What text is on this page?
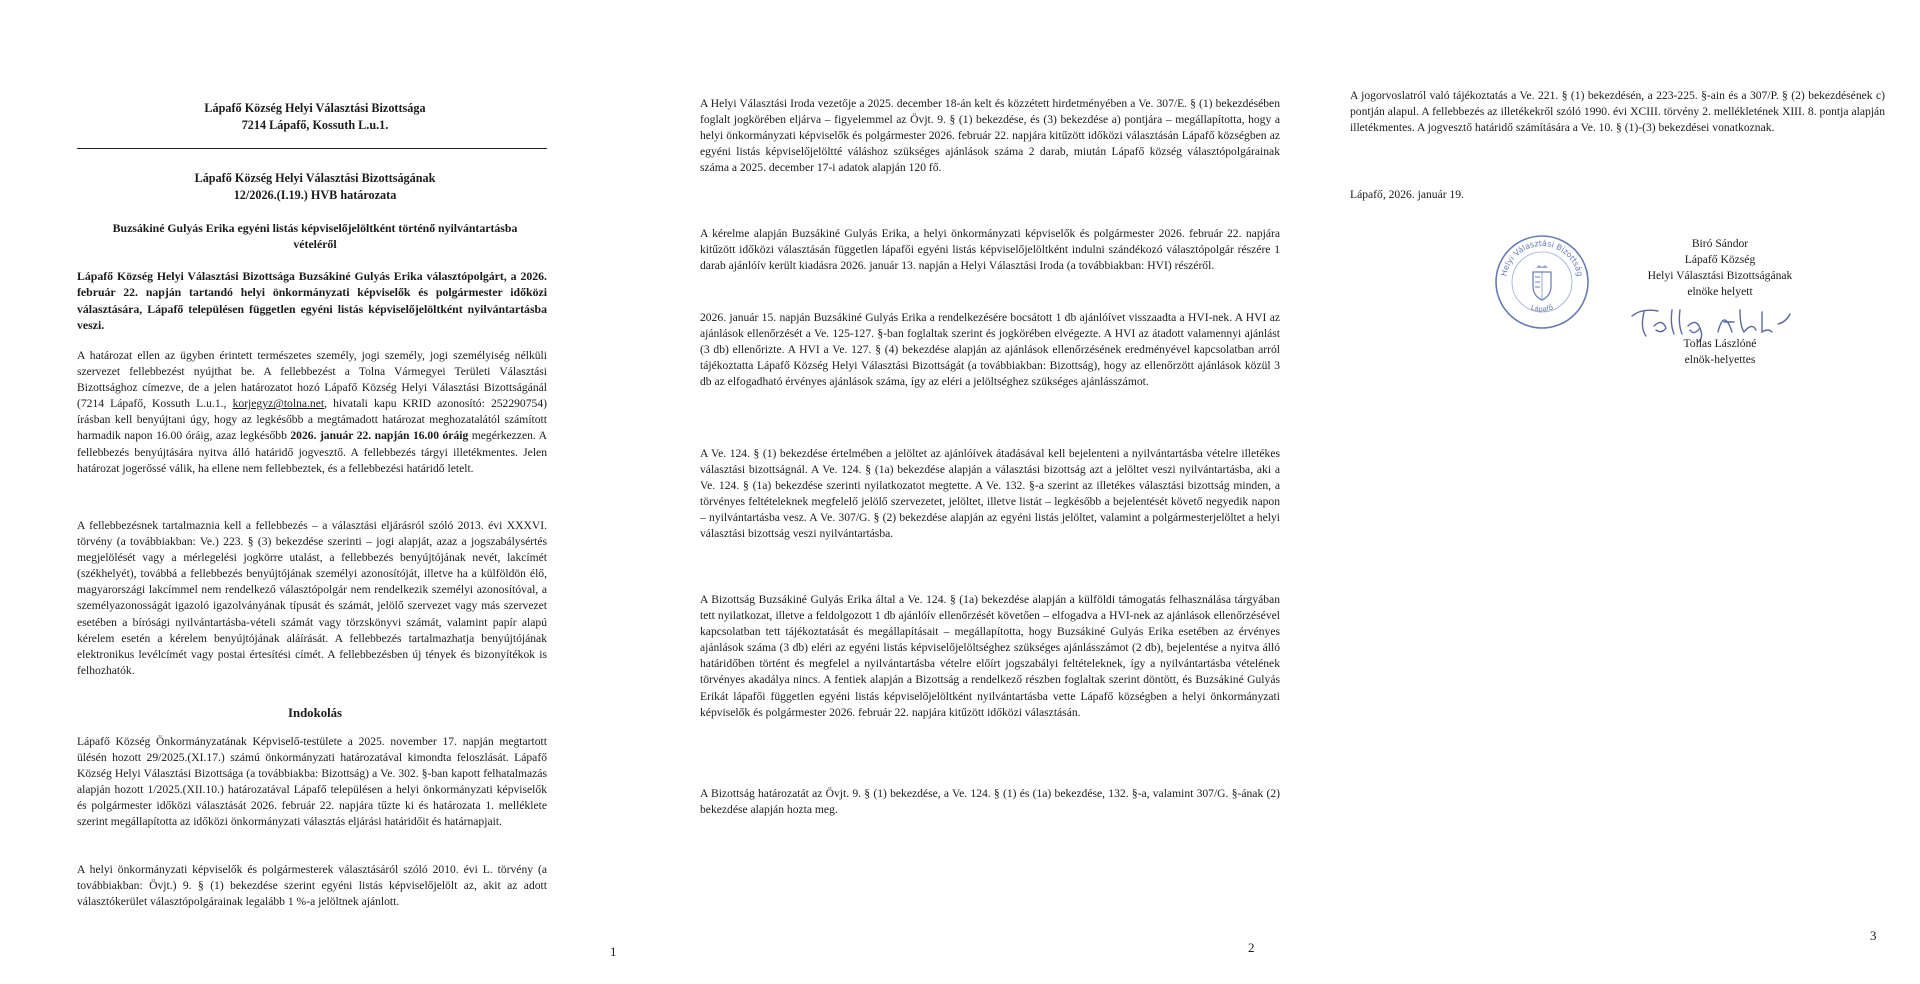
Lápafő Község Helyi Választási Bizottsága
7214 Lápafő, Kossuth L.u.1.
Lápafő Község Helyi Választási Bizottságának
12/2026.(I.19.) HVB határozata
Buzsákiné Gulyás Erika egyéni listás képviselőjelöltként történő nyilvántartásba
vételéről

Lápafő Község Helyi Választási Bizottsága Buzsákiné Gulyás Erika választópolgárt, a 2026. február 22. napján tartandó helyi önkormányzati képviselők és polgármester időközi választására, Lápafő településen független egyéni listás képviselőjelöltként nyilvántartásba veszi.

A határozat ellen az ügyben érintett természetes személy, jogi személy, jogi személyiség nélküli szervezet fellebbezést nyújthat be. A fellebbezést a Tolna Vármegyei Területi Választási Bizottsághoz címezve, de a jelen határozatot hozó Lápafő Község Helyi Választási Bizottságánál (7214 Lápafő, Kossuth L.u.1., korjegyz@tolna.net, hivatali kapu KRID azonosító: 252290754) írásban kell benyújtani úgy, hogy az legkésőbb a megtámadott határozat meghozatalától számított harmadik napon 16.00 óráig, azaz legkésőbb 2026. január 22. napján 16.00 óráig megérkezzen. A fellebbezés benyújtására nyitva álló határidő jogvesztő. A fellebbezés tárgyi illetékmentes. Jelen határozat jogerőssé válik, ha ellene nem fellebbeztek, és a fellebbezési határidő letelt.

A fellebbezésnek tartalmaznia kell a fellebbezés – a választási eljárásról szóló 2013. évi XXXVI. törvény (a továbbiakban: Ve.) 223. § (3) bekezdése szerinti – jogi alapját, azaz a jogszabálysértés megjelölését vagy a mérlegelési jogkörre utalást, a fellebbezés benyújtójának nevét, lakcímét (székhelyét), továbbá a fellebbezés benyújtójának személyi azonosítóját, illetve ha a külföldön élő, magyarországi lakcímmel nem rendelkező választópolgár nem rendelkezik személyi azonosítóval, a személyazonosságát igazoló igazolványának típusát és számát, jelölő szervezet vagy más szervezet esetében a bírósági nyilvántartásba-vételi számát vagy törzskönyvi számát, valamint papír alapú kérelem esetén a kérelem benyújtójának aláírását. A fellebbezés tartalmazhatja benyújtójának elektronikus levélcímét vagy postai értesítési címét. A fellebbezésben új tények és bizonyítékok is felhozhatók.

Indokolás

Lápafő Község Önkormányzatának Képviselő-testülete a 2025. november 17. napján megtartott ülésén hozott 29/2025.(XI.17.) számú önkormányzati határozatával kimondta feloszlását. Lápafő Község Helyi Választási Bizottsága (a továbbiakba: Bizottság) a Ve. 302. §-ban kapott felhatalmazás alapján hozott 1/2025.(XII.10.) határozatával Lápafő településen a helyi önkormányzati képviselők és polgármester időközi választását 2026. február 22. napjára tűzte ki és határozata 1. melléklete szerint megállapította az időközi önkormányzati választás eljárási határidőit és határnapjait.

A helyi önkormányzati képviselők és polgármesterek választásáról szóló 2010. évi L. törvény (a továbbiakban: Övjt.) 9. § (1) bekezdése szerint egyéni listás képviselőjelölt az, akit az adott választókerület választópolgárainak legalább 1 %-a jelöltnek ajánlott.

1

A Helyi Választási Iroda vezetője a 2025. december 18-án kelt és közzétett hirdetményében a Ve. 307/E. § (1) bekezdésében foglalt jogkörében eljárva – figyelemmel az Övjt. 9. § (1) bekezdése, és (3) bekezdése a) pontjára – megállapította, hogy a helyi önkormányzati képviselők és polgármester 2026. február 22. napjára kitűzött időközi választásán Lápafő községben az egyéni listás képviselőjelöltté váláshoz szükséges ajánlások száma 2 darab, miután Lápafő község választópolgárainak száma a 2025. december 17-i adatok alapján 120 fő.

A kérelme alapján Buzsákiné Gulyás Erika, a helyi önkormányzati képviselők és polgármester 2026. február 22. napjára kitűzött időközi választásán független lápafői egyéni listás képviselőjelöltként indulni szándékozó választópolgár részére 1 darab ajánlóív került kiadásra 2026. január 13. napján a Helyi Választási Iroda (a továbbiakban: HVI) részéről.

2026. január 15. napján Buzsákiné Gulyás Erika a rendelkezésére bocsátott 1 db ajánlóívet visszaadta a HVI-nek. A HVI az ajánlások ellenőrzését a Ve. 125-127. §-ban foglaltak szerint és jogkörében elvégezte. A HVI az átadott valamennyi ajánlást (3 db) ellenőrizte. A HVI a Ve. 127. § (4) bekezdése alapján az ajánlások ellenőrzésének eredményével kapcsolatban arról tájékoztatta Lápafő Község Helyi Választási Bizottságát (a továbbiakban: Bizottság), hogy az ellenőrzött ajánlások közül 3 db az elfogadható érvényes ajánlások száma, így az eléri a jelöltséghez szükséges ajánlásszámot.

A Ve. 124. § (1) bekezdése értelmében a jelöltet az ajánlóívek átadásával kell bejelenteni a nyilvántartásba vételre illetékes választási bizottságnál. A Ve. 124. § (1a) bekezdése alapján a választási bizottság azt a jelöltet veszi nyilvántartásba, aki a Ve. 124. § (1a) bekezdése szerinti nyilatkozatot megtette. A Ve. 132. §-a szerint az illetékes választási bizottság minden, a törvényes feltételeknek megfelelő jelölő szervezetet, jelöltet, illetve listát – legkésőbb a bejelentését követő negyedik napon – nyilvántartásba vesz. A Ve. 307/G. § (2) bekezdése alapján az egyéni listás jelöltet, valamint a polgármesterjelöltet a helyi választási bizottság veszi nyilvántartásba.

A Bizottság Buzsákiné Gulyás Erika által a Ve. 124. § (1a) bekezdése alapján a külföldi támogatás felhasználása tárgyában tett nyilatkozat, illetve a feldolgozott 1 db ajánlóív ellenőrzését követően – elfogadva a HVI-nek az ajánlások ellenőrzésével kapcsolatban tett tájékoztatását és megállapításait – megállapította, hogy Buzsákiné Gulyás Erika esetében az érvényes ajánlások száma (3 db) eléri az egyéni listás képviselőjelöltséghez szükséges ajánlásszámot (2 db), bejelentése a nyitva álló határidőben történt és megfelel a nyilvántartásba vételre előírt jogszabályi feltételeknek, így a nyilvántartásba vételének törvényes akadálya nincs. A fentiek alapján a Bizottság a rendelkező részben foglaltak szerint döntött, és Buzsákiné Gulyás Erikát lápafői független egyéni listás képviselőjelöltként nyilvántartásba vette Lápafő községben a helyi önkormányzati képviselők és polgármester 2026. február 22. napjára kitűzött időközi választásán.

A Bizottság határozatát az Övjt. 9. § (1) bekezdése, a Ve. 124. § (1) és (1a) bekezdése, 132. §-a, valamint 307/G. §-ának (2) bekezdése alapján hozta meg.

2

A jogorvoslatról való tájékoztatás a Ve. 221. § (1) bekezdésén, a 223-225. §-ain és a 307/P. § (2) bekezdésének c) pontján alapul. A fellebbezés az illetékekről szóló 1990. évi XCIII. törvény 2. mellékletének XIII. 8. pontja alapján illetékmentes. A jogvesztő határidő számítására a Ve. 10. § (1)-(3) bekezdései vonatkoznak.

Lápafő, 2026. január 19.
Helyi Választási Bizottság
Lápafő
Biró Sándor
Lápafő Község
Helyi Választási Bizottságának
elnöke helyett
Tollas Lászlóné
elnök-helyettes
3
